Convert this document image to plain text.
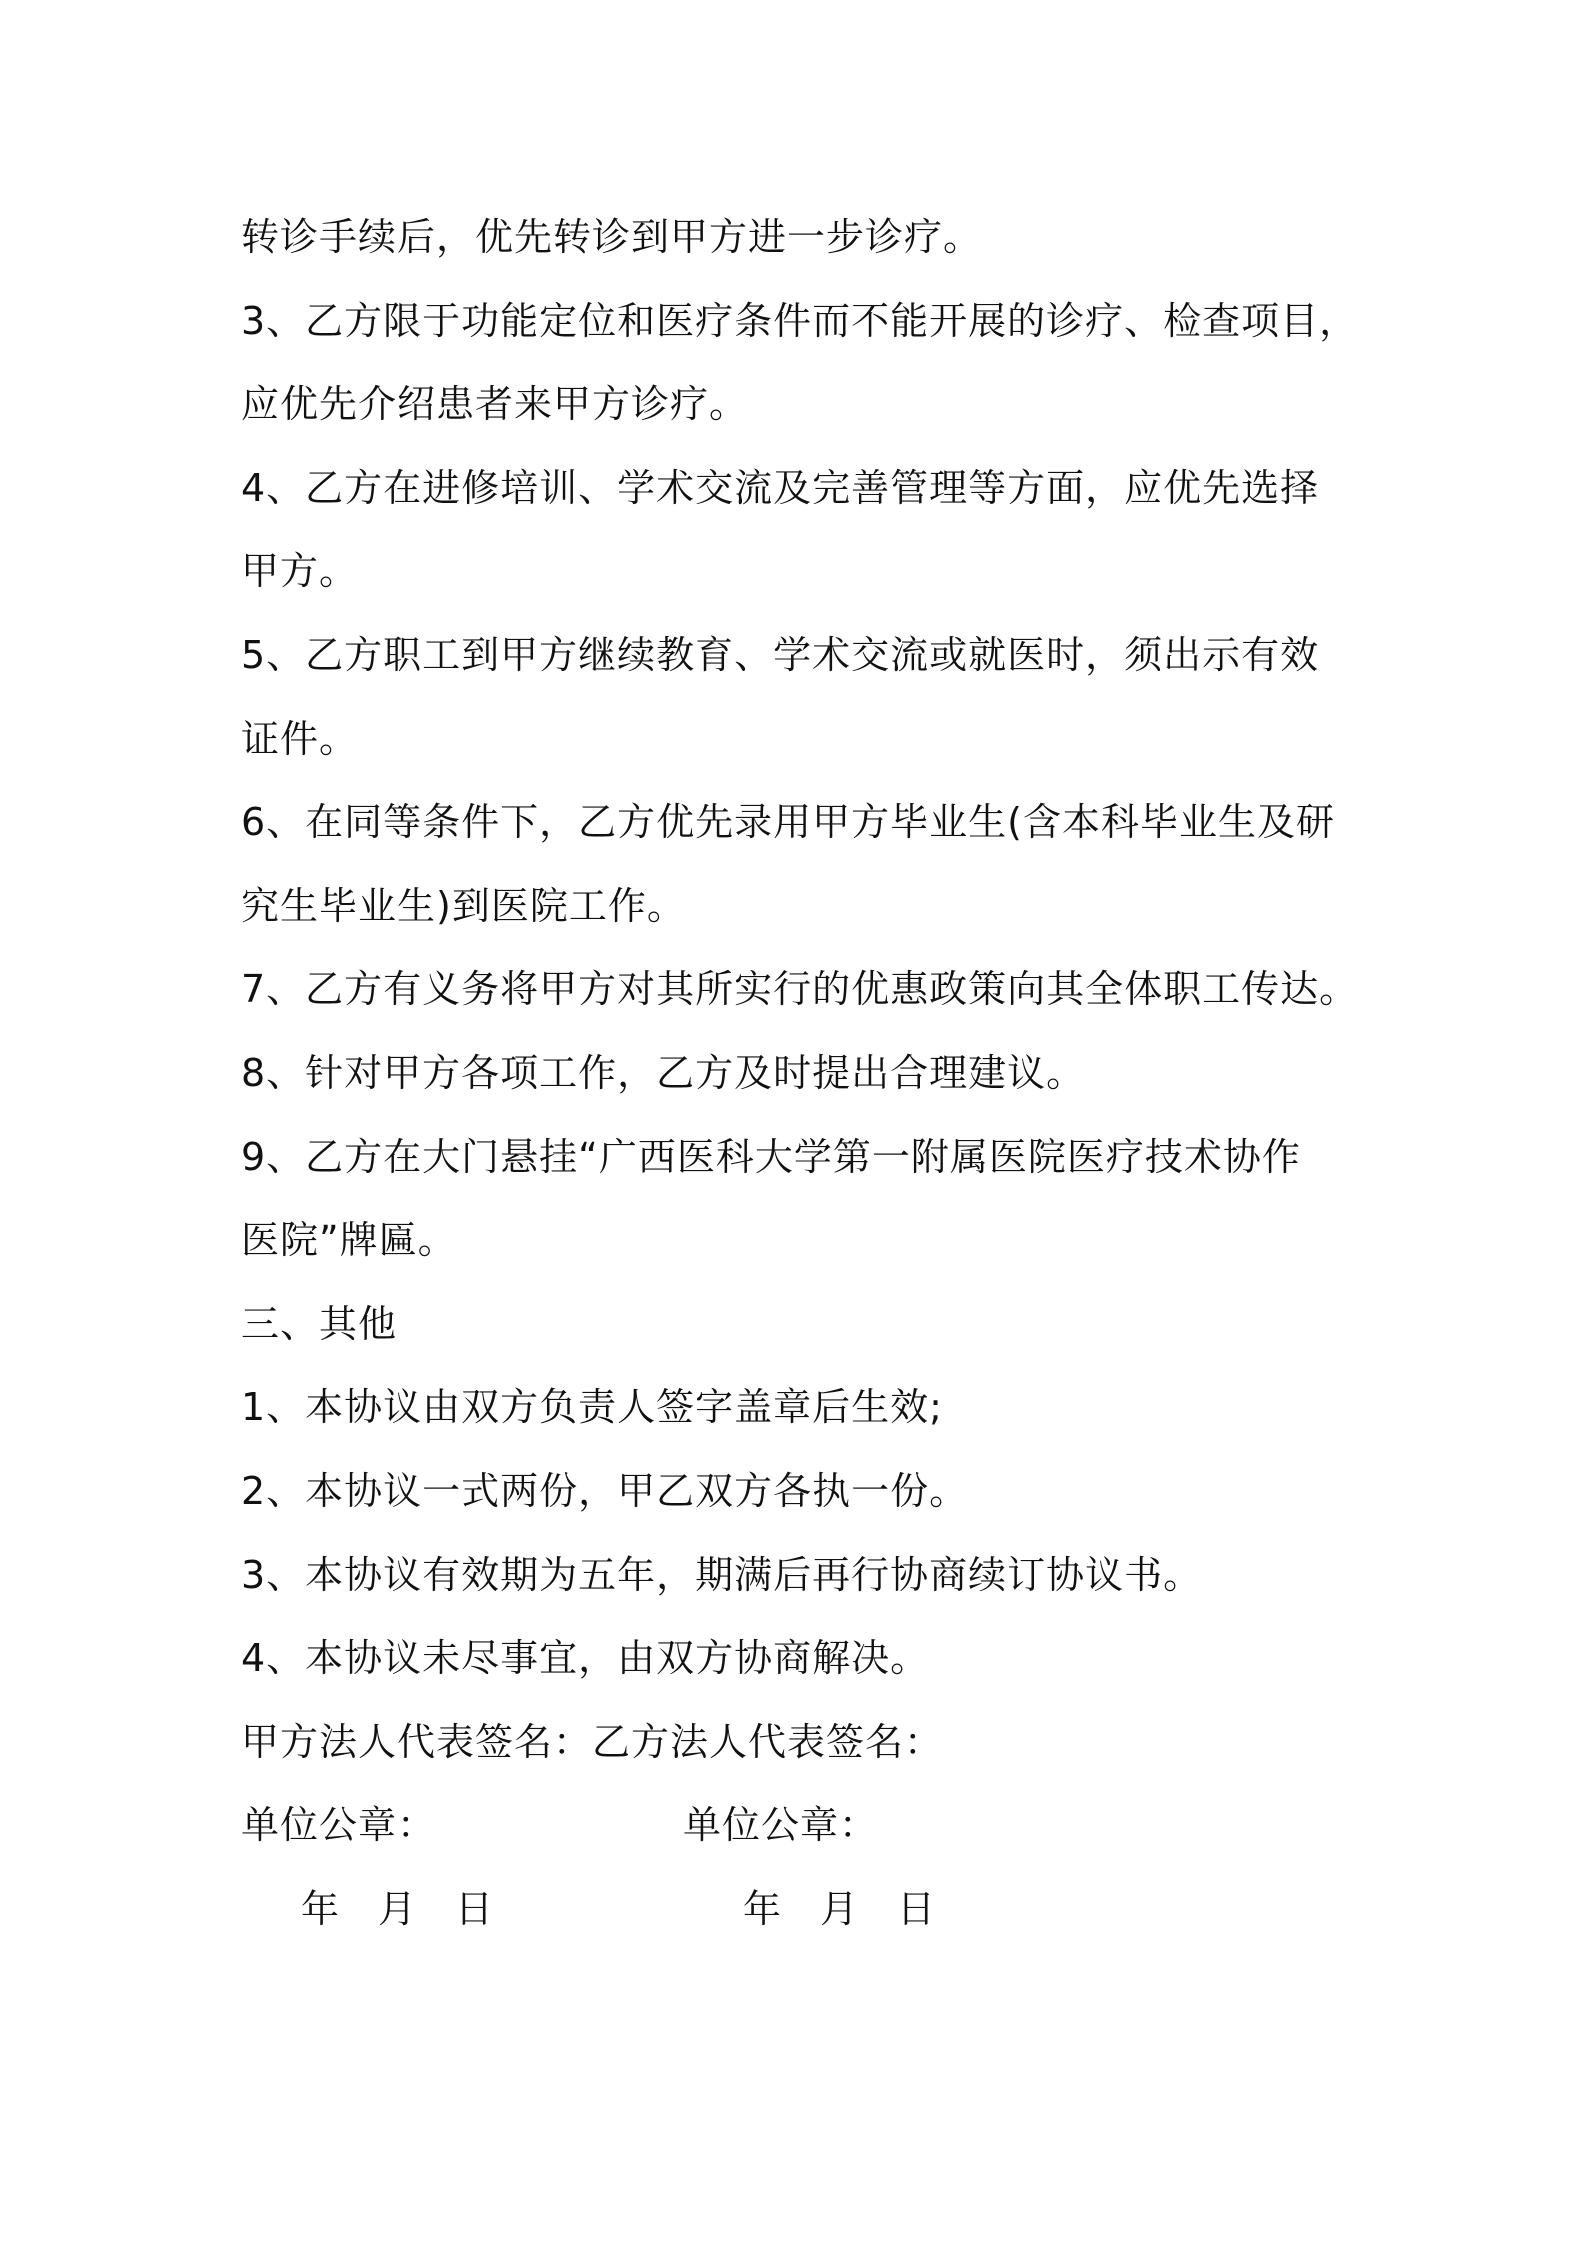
转诊手续后，优先转诊到甲方进一步诊疗。
3、乙方限于功能定位和医疗条件而不能开展的诊疗、检查项目，
应优先介绍患者来甲方诊疗。
4、乙方在进修培训、学术交流及完善管理等方面，应优先选择
甲方。
5、乙方职工到甲方继续教育、学术交流或就医时，须出示有效
证件。
6、在同等条件下，乙方优先录用甲方毕业生(含本科毕业生及研
究生毕业生)到医院工作。
7、乙方有义务将甲方对其所实行的优惠政策向其全体职工传达。
8、针对甲方各项工作，乙方及时提出合理建议。
9、乙方在大门悬挂“广西医科大学第一附属医院医疗技术协作
医院”牌匾。
三、其他
1、本协议由双方负责人签字盖章后生效;
2、本协议一式两份，甲乙双方各执一份。
3、本协议有效期为五年，期满后再行协商续订协议书。
4、本协议未尽事宜，由双方协商解决。
甲方法人代表签名：乙方法人代表签名：
单位公章：	单位公章：
年 月 日	年 月 日
